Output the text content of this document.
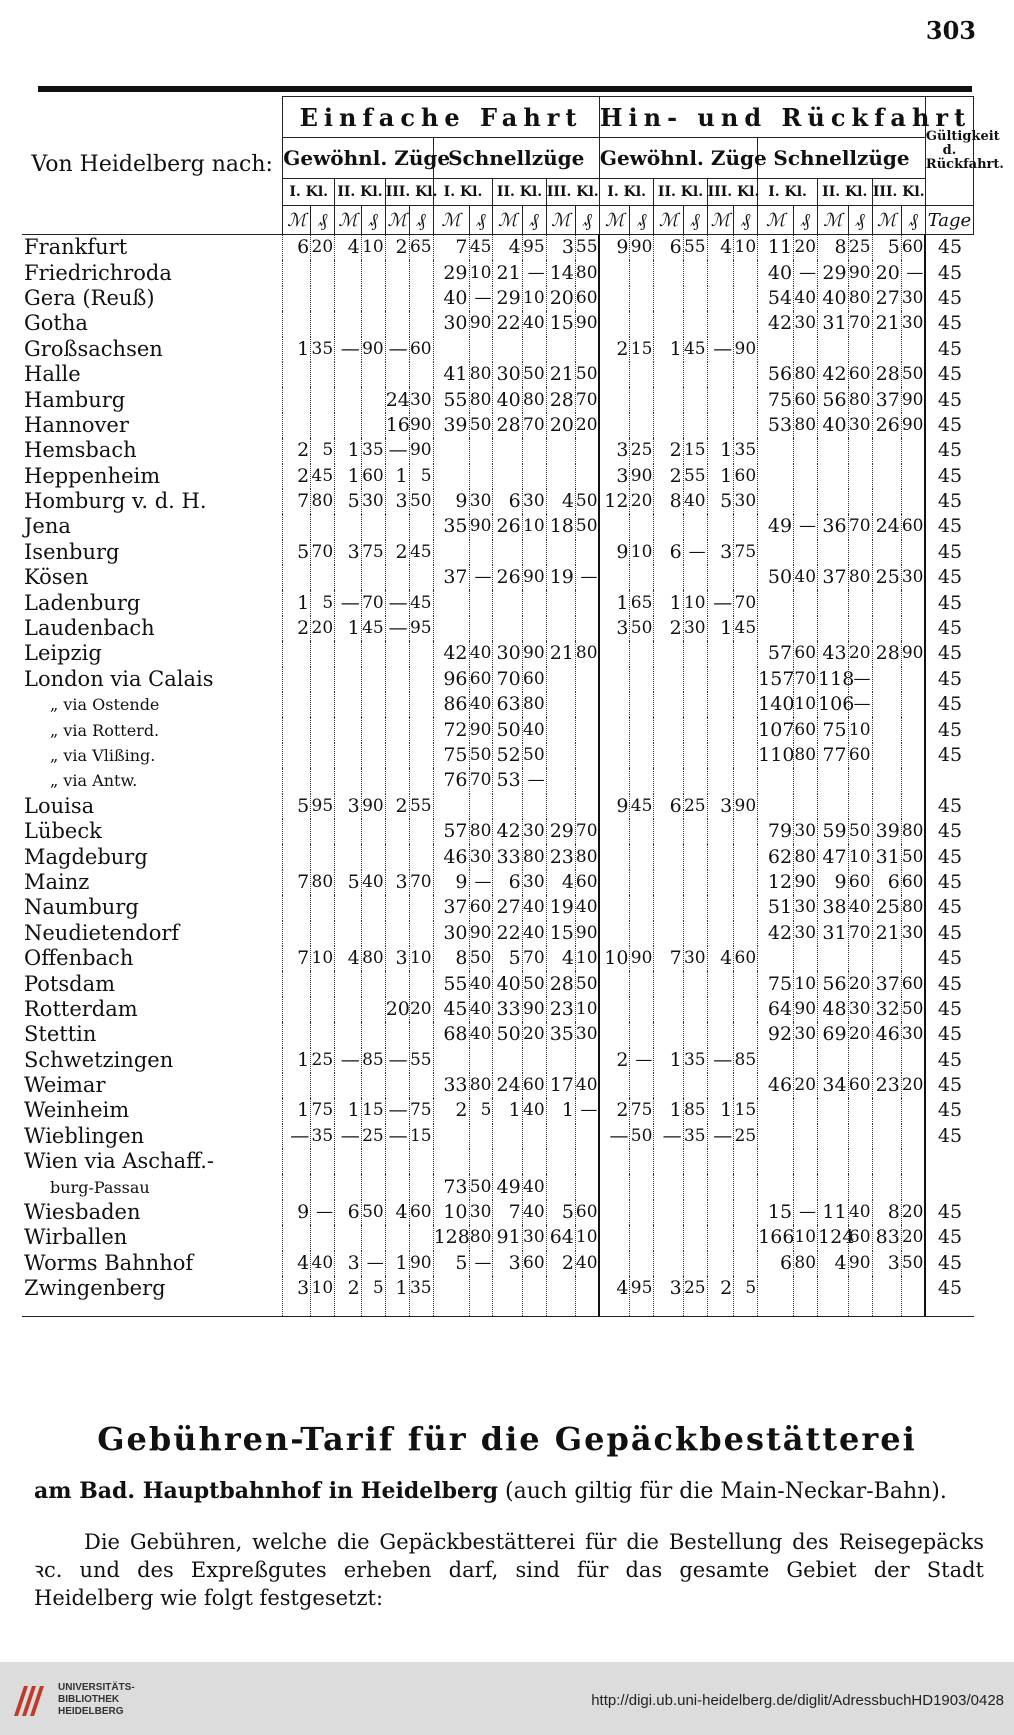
303
Von Heidelberg nach:	Einfache Fahrt												Hin- und Rückfahrt												Gültigkeit d. Rückfahrt.
	Gewöhnl. Züge						Schnellzüge						Gewöhnl. Züge						Schnellzüge						
	I. Kl.		II. Kl.		III. Kl.		I. Kl.		II. Kl.		III. Kl.		I. Kl.		II. Kl.		III. Kl.		I. Kl.		II. Kl.		III. Kl.		
	ℳ	₰	ℳ	₰	ℳ	₰	ℳ	₰	ℳ	₰	ℳ	₰	ℳ	₰	ℳ	₰	ℳ	₰	ℳ	₰	ℳ	₰	ℳ	₰	Tage
Frankfurt	6	20	4	10	2	65	7	45	4	95	3	55	9	90	6	55	4	10	11	20	8	25	5	60	45
Friedrichroda							29	10	21	—	14	80							40	—	29	90	20	—	45
Gera (Reuß)							40	—	29	10	20	60							54	40	40	80	27	30	45
Gotha							30	90	22	40	15	90							42	30	31	70	21	30	45
Großsachsen	1	35	—	90	—	60							2	15	1	45	—	90							45
Halle							41	80	30	50	21	50							56	80	42	60	28	50	45
Hamburg					24	30	55	80	40	80	28	70							75	60	56	80	37	90	45
Hannover					16	90	39	50	28	70	20	20							53	80	40	30	26	90	45
Hemsbach	2	5	1	35	—	90							3	25	2	15	1	35							45
Heppenheim	2	45	1	60	1	5							3	90	2	55	1	60							45
Homburg v. d. H.	7	80	5	30	3	50	9	30	6	30	4	50	12	20	8	40	5	30							45
Jena							35	90	26	10	18	50							49	—	36	70	24	60	45
Isenburg	5	70	3	75	2	45							9	10	6	—	3	75							45
Kösen							37	—	26	90	19	—							50	40	37	80	25	30	45
Ladenburg	1	5	—	70	—	45							1	65	1	10	—	70							45
Laudenbach	2	20	1	45	—	95							3	50	2	30	1	45							45
Leipzig							42	40	30	90	21	80							57	60	43	20	28	90	45
London via Calais							96	60	70	60									157	70	118	—			45
„ via Ostende							86	40	63	80									140	10	106	—			45
„ via Rotterd.							72	90	50	40									107	60	75	10			45
„ via Vlißing.							75	50	52	50									110	80	77	60			45
„ via Antw.							76	70	53	—															
Louisa	5	95	3	90	2	55							9	45	6	25	3	90							45
Lübeck							57	80	42	30	29	70							79	30	59	50	39	80	45
Magdeburg							46	30	33	80	23	80							62	80	47	10	31	50	45
Mainz	7	80	5	40	3	70	9	—	6	30	4	60							12	90	9	60	6	60	45
Naumburg							37	60	27	40	19	40							51	30	38	40	25	80	45
Neudietendorf							30	90	22	40	15	90							42	30	31	70	21	30	45
Offenbach	7	10	4	80	3	10	8	50	5	70	4	10	10	90	7	30	4	60							45
Potsdam							55	40	40	50	28	50							75	10	56	20	37	60	45
Rotterdam					20	20	45	40	33	90	23	10							64	90	48	30	32	50	45
Stettin							68	40	50	20	35	30							92	30	69	20	46	30	45
Schwetzingen	1	25	—	85	—	55							2	—	1	35	—	85							45
Weimar							33	80	24	60	17	40							46	20	34	60	23	20	45
Weinheim	1	75	1	15	—	75	2	5	1	40	1	—	2	75	1	85	1	15							45
Wieblingen	—	35	—	25	—	15							—	50	—	35	—	25							45
Wien via Aschaff.-																									
burg-Passau							73	50	49	40															
Wiesbaden	9	—	6	50	4	60	10	30	7	40	5	60							15	—	11	40	8	20	45
Wirballen							128	80	91	30	64	10							166	10	124	60	83	20	45
Worms Bahnhof	4	40	3	—	1	90	5	—	3	60	2	40							6	80	4	90	3	50	45
Zwingenberg	3	10	2	5	1	35							4	95	3	25	2	5							45
Gebühren-Tarif für die Gepäckbestätterei
am Bad. Hauptbahnhof in Heidelberg (auch giltig für die Main-Neckar-Bahn).

Die Gebühren, welche die Gepäckbestätterei für die Bestellung des Reisegepäcks ꝛc. und des Expreßgutes erheben darf, sind für das gesamte Gebiet der Stadt Heidelberg wie folgt festgesetzt:

UNIVERSITÄTS-
BIBLIOTHEK
HEIDELBERG
http://digi.ub.uni-heidelberg.de/diglit/AdressbuchHD1903/0428
